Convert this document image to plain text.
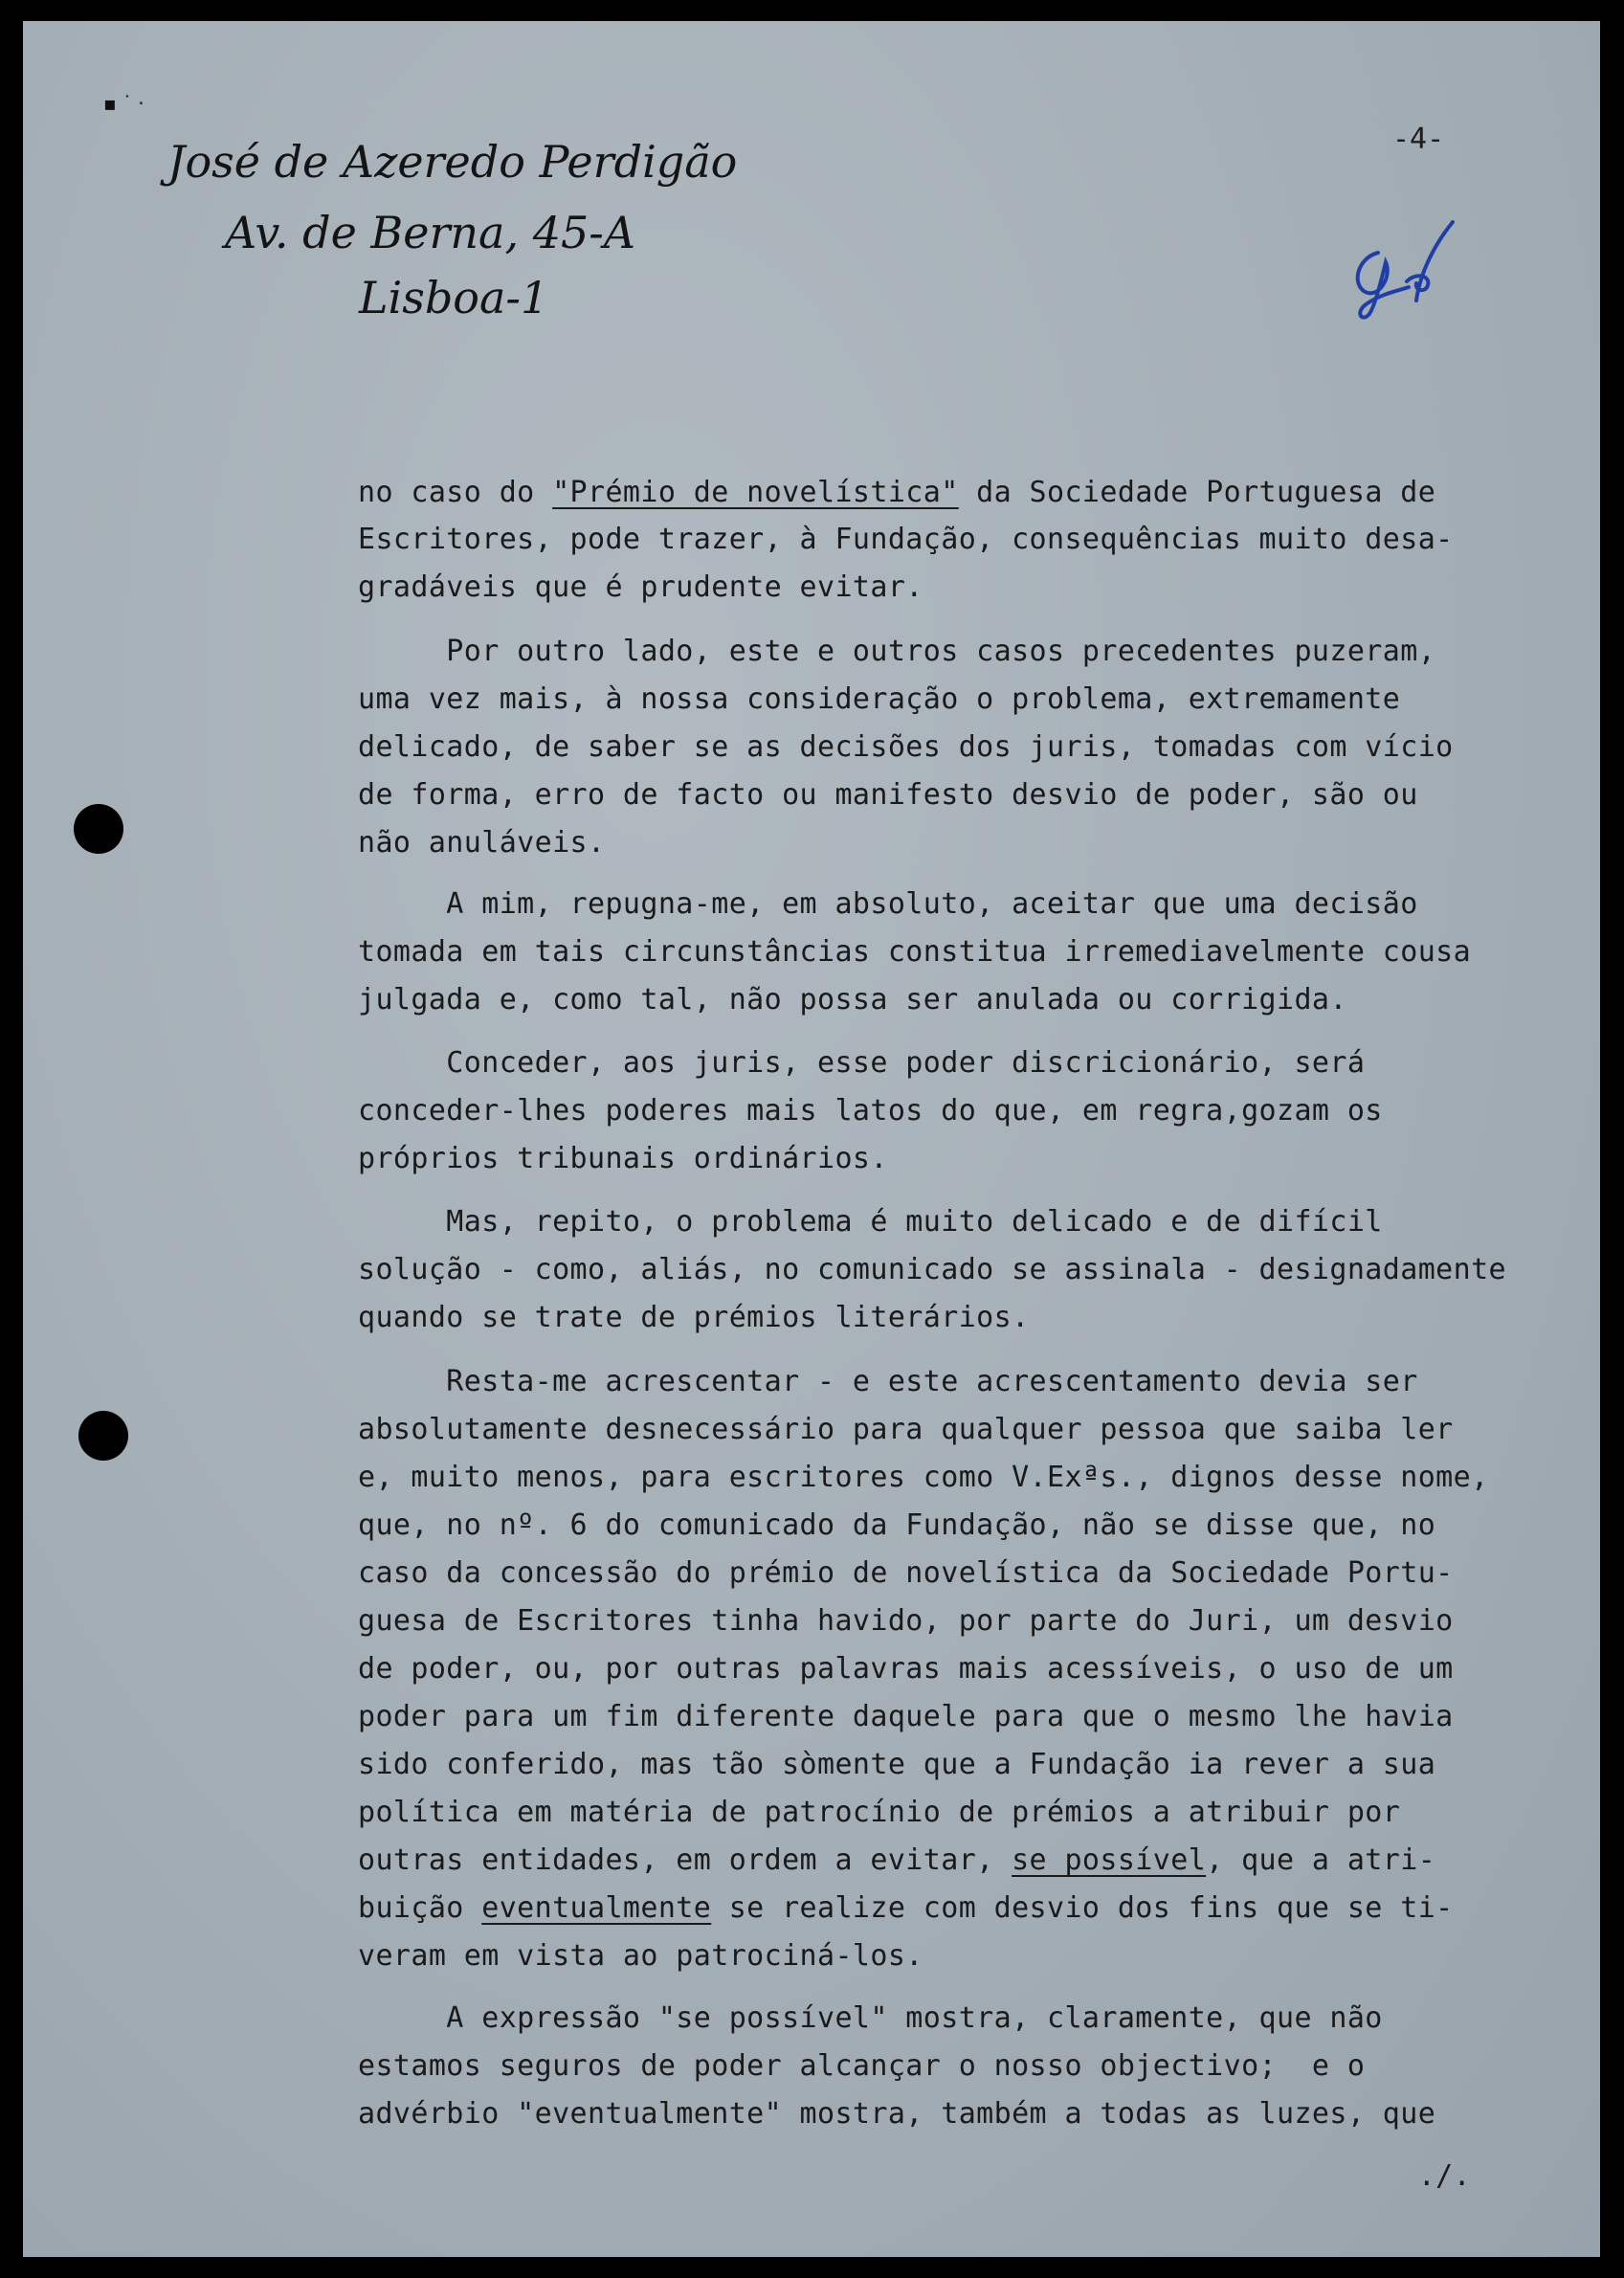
▪ ˙ ·
José de Azeredo Perdigão
Av. de Berna, 45-A
Lisboa-1
-4-
no caso do "Prémio de novelística" da Sociedade Portuguesa de
Escritores, pode trazer, à Fundação, consequências muito desa-
gradáveis que é prudente evitar.
Por outro lado, este e outros casos precedentes puzeram,
uma vez mais, à nossa consideração o problema, extremamente
delicado, de saber se as decisões dos juris, tomadas com vício
de forma, erro de facto ou manifesto desvio de poder, são ou
não anuláveis.
A mim, repugna-me, em absoluto, aceitar que uma decisão
tomada em tais circunstâncias constitua irremediavelmente cousa
julgada e, como tal, não possa ser anulada ou corrigida.
Conceder, aos juris, esse poder discricionário, será
conceder-lhes poderes mais latos do que, em regra,gozam os
próprios tribunais ordinários.
Mas, repito, o problema é muito delicado e de difícil
solução - como, aliás, no comunicado se assinala - designadamente
quando se trate de prémios literários.
Resta-me acrescentar - e este acrescentamento devia ser
absolutamente desnecessário para qualquer pessoa que saiba ler
e, muito menos, para escritores como V.Exªs., dignos desse nome,
que, no nº. 6 do comunicado da Fundação, não se disse que, no
caso da concessão do prémio de novelística da Sociedade Portu-
guesa de Escritores tinha havido, por parte do Juri, um desvio
de poder, ou, por outras palavras mais acessíveis, o uso de um
poder para um fim diferente daquele para que o mesmo lhe havia
sido conferido, mas tão sòmente que a Fundação ia rever a sua
política em matéria de patrocínio de prémios a atribuir por
outras entidades, em ordem a evitar, se possível, que a atri-
buição eventualmente se realize com desvio dos fins que se ti-
veram em vista ao patrociná-los.
A expressão "se possível" mostra, claramente, que não
estamos seguros de poder alcançar o nosso objectivo;  e o
advérbio "eventualmente" mostra, também a todas as luzes, que
./.
